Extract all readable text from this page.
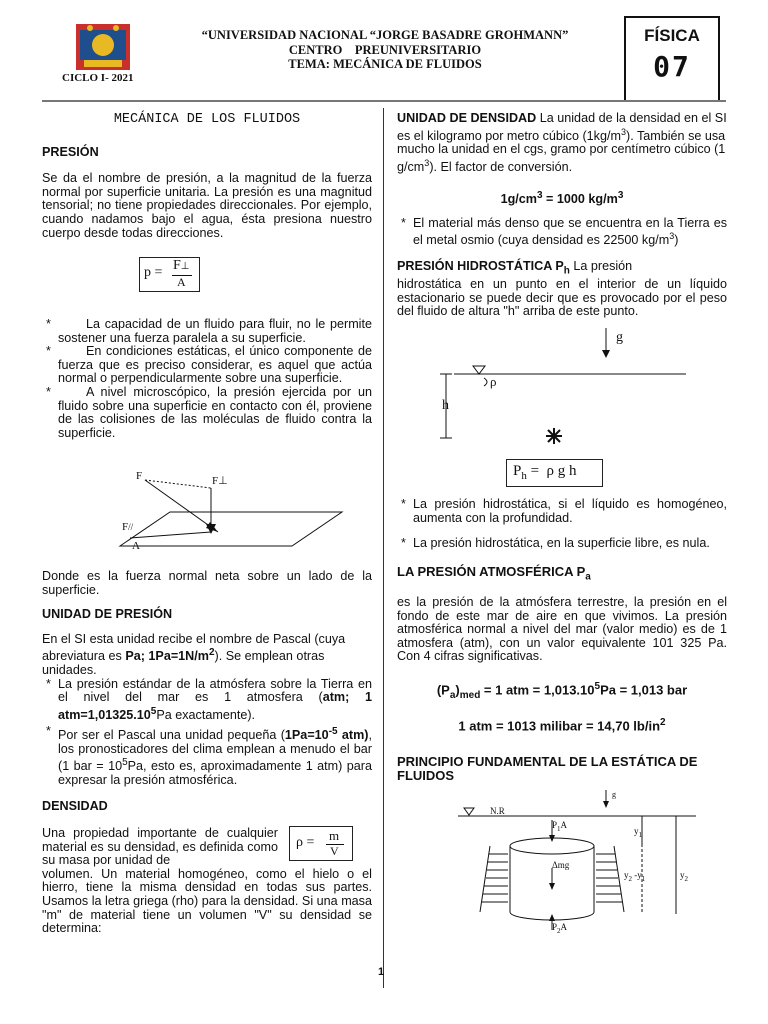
“UNIVERSIDAD NACIONAL “JORGE BASADRE GROHMANN”
CENTRO    PREUNIVERSITARIO
TEMA: MECÁNICA DE FLUIDOS
CICLO I- 2021
FÍSICA
07
MECÁNICA DE LOS FLUIDOS
PRESIÓN

Se da el nombre de presión, a la magnitud de la fuerza normal por superficie unitaria. La presión es una magnitud tensorial; no tiene propiedades direccionales. Por ejemplo, cuando nadamos bajo el agua, ésta presiona nuestro cuerpo desde todas direcciones.

p = F⊥
A
*	La capacidad de un fluido para fluir, no le permite sostener una fuerza paralela a su superficie.

*	En condiciones estáticas, el único componente de fuerza que es preciso considerar, es aquel que actúa normal o perpendicularmente sobre una superficie.

*	A nivel microscópico, la presión ejercida por un fluido sobre una superficie en contacto con él, proviene de las colisiones de las moléculas de fluido contra la superficie.

F	F⊥
F//
A

Donde es la fuerza normal neta sobre un lado de la superficie.

UNIDAD DE PRESIÓN

En el SI esta unidad recibe el nombre de Pascal (cuya abreviatura es Pa; $1Pa=1N/m^2$). Se emplean otras unidades.

* La presión estándar de la atmósfera sobre la Tierra en el nivel del mar es 1 atmosfera (atm; 1 $atm=1,01325.10^5Pa$ exactamente).

* Por ser el Pascal una unidad pequeña ($1Pa=10^{-5}$ atm), los pronosticadores del clima emplean a menudo el bar (1 bar = $10^5Pa$, esto es, aproximadamente 1 atm) para expresar la presión atmosférica.

DENSIDAD

Una propiedad importante de cualquier material es su densidad, es definida como su masa por unidad de

volumen. Un material homogéneo, como el hielo o el hierro, tiene la misma densidad en todas sus partes. Usamos la letra griega (rho) para la densidad. Si una masa "m" de material tiene un volumen "V" su densidad se determina:

ρ = m
V

UNIDAD DE DENSIDAD La unidad de la densidad en el SI es el kilogramo por metro cúbico $(1kg/m^3)$. También se usa mucho la unidad en el cgs, gramo por centímetro cúbico (1 $g/cm^3$). El factor de conversión.

$1g/cm^3 = 1000$ $kg/m^3$
* El material más denso que se encuentra en la Tierra es el metal osmio (cuya densidad es 22500 $kg/m^3$)

PRESIÓN HIDROSTÁTICA $P_h$ La presión

hidrostática en un punto en el interior de un líquido estacionario se puede decir que es provocado por el peso del fluido de altura "h" arriba de este punto.

g
ρ
h
$P_h = \rho$ g h
* La presión hidrostática, si el líquido es homogéneo, aumenta con la profundidad.

* La presión hidrostática, en la superficie libre, es nula.

LA PRESIÓN ATMOSFÉRICA $P_a$

es la presión de la atmósfera terrestre, la presión en el fondo de este mar de aire en que vivimos. La presión atmosférica normal a nivel del mar (valor medio) es de 1 atmosfera (atm), con un valor equivalente 101 325 Pa. Con 4 cifras significativas.

$(P_a)_{med} = 1$ atm = $1,013.10^5Pa = 1,013$ bar
1 atm = 1013 milibar = 14,70 $lb/in^2$
PRINCIPIO FUNDAMENTAL DE LA ESTÁTICA DE FLUIDOS
N.R
g
$P_1A$
Δmg
$P_2A$
$y_1$
$y_2$ $-y_1$	$y_2$
1
